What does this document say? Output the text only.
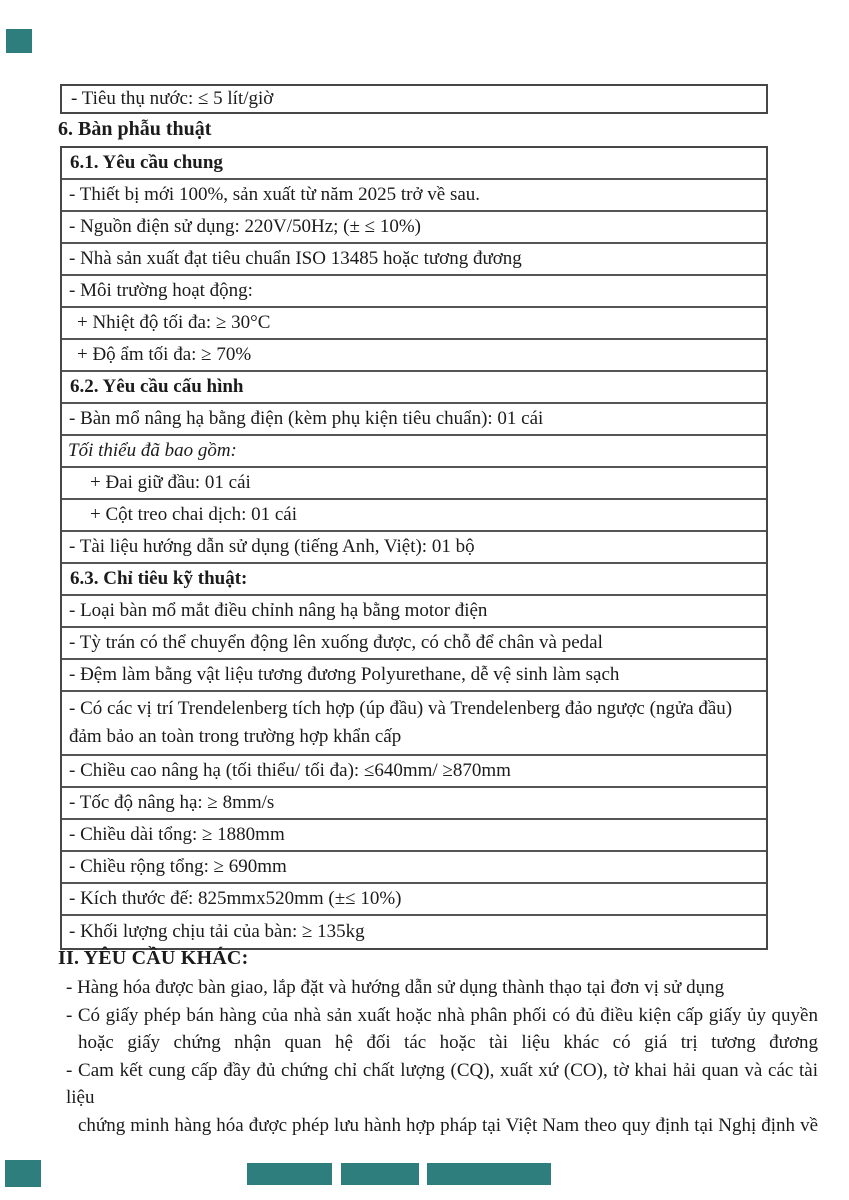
- Tiêu thụ nước: ≤ 5 lít/giờ
6. Bàn phẫu thuật
6.1. Yêu cầu chung
- Thiết bị mới 100%, sản xuất từ năm 2025 trở về sau.
- Nguồn điện sử dụng: 220V/50Hz; (± ≤ 10%)
- Nhà sản xuất đạt tiêu chuẩn ISO 13485 hoặc tương đương
- Môi trường hoạt động:
+ Nhiệt độ tối đa: ≥ 30°C
+ Độ ẩm tối đa: ≥ 70%
6.2. Yêu cầu cấu hình
- Bàn mổ nâng hạ bằng điện (kèm phụ kiện tiêu chuẩn): 01 cái
Tối thiểu đã bao gồm:
+ Đai giữ đầu: 01 cái
+ Cột treo chai dịch: 01 cái
- Tài liệu hướng dẫn sử dụng (tiếng Anh, Việt): 01 bộ
6.3. Chỉ tiêu kỹ thuật:
- Loại bàn mổ mắt điều chỉnh nâng hạ bằng motor điện
- Tỳ trán có thể chuyển động lên xuống được, có chỗ để chân và pedal
- Đệm làm bằng vật liệu tương đương Polyurethane, dễ vệ sinh làm sạch
- Có các vị trí Trendelenberg tích hợp (úp đầu) và Trendelenberg đảo ngược (ngửa đầu) đảm bảo an toàn trong trường hợp khẩn cấp
- Chiều cao nâng hạ (tối thiểu/ tối đa): ≤640mm/ ≥870mm
- Tốc độ nâng hạ: ≥ 8mm/s
- Chiều dài tổng: ≥ 1880mm
- Chiều rộng tổng: ≥ 690mm
- Kích thước đế: 825mmx520mm (±≤ 10%)
- Khối lượng chịu tải của bàn: ≥ 135kg
II. YÊU CẦU KHÁC:
- Hàng hóa được bàn giao, lắp đặt và hướng dẫn sử dụng thành thạo tại đơn vị sử dụng
- Có giấy phép bán hàng của nhà sản xuất hoặc nhà phân phối có đủ điều kiện cấp giấy ủy quyền
hoặc giấy chứng nhận quan hệ đối tác hoặc tài liệu khác có giá trị tương đương
- Cam kết cung cấp đầy đủ chứng chỉ chất lượng (CQ), xuất xứ (CO), tờ khai hải quan và các tài liệu
chứng minh hàng hóa được phép lưu hành hợp pháp tại Việt Nam theo quy định tại Nghị định về
